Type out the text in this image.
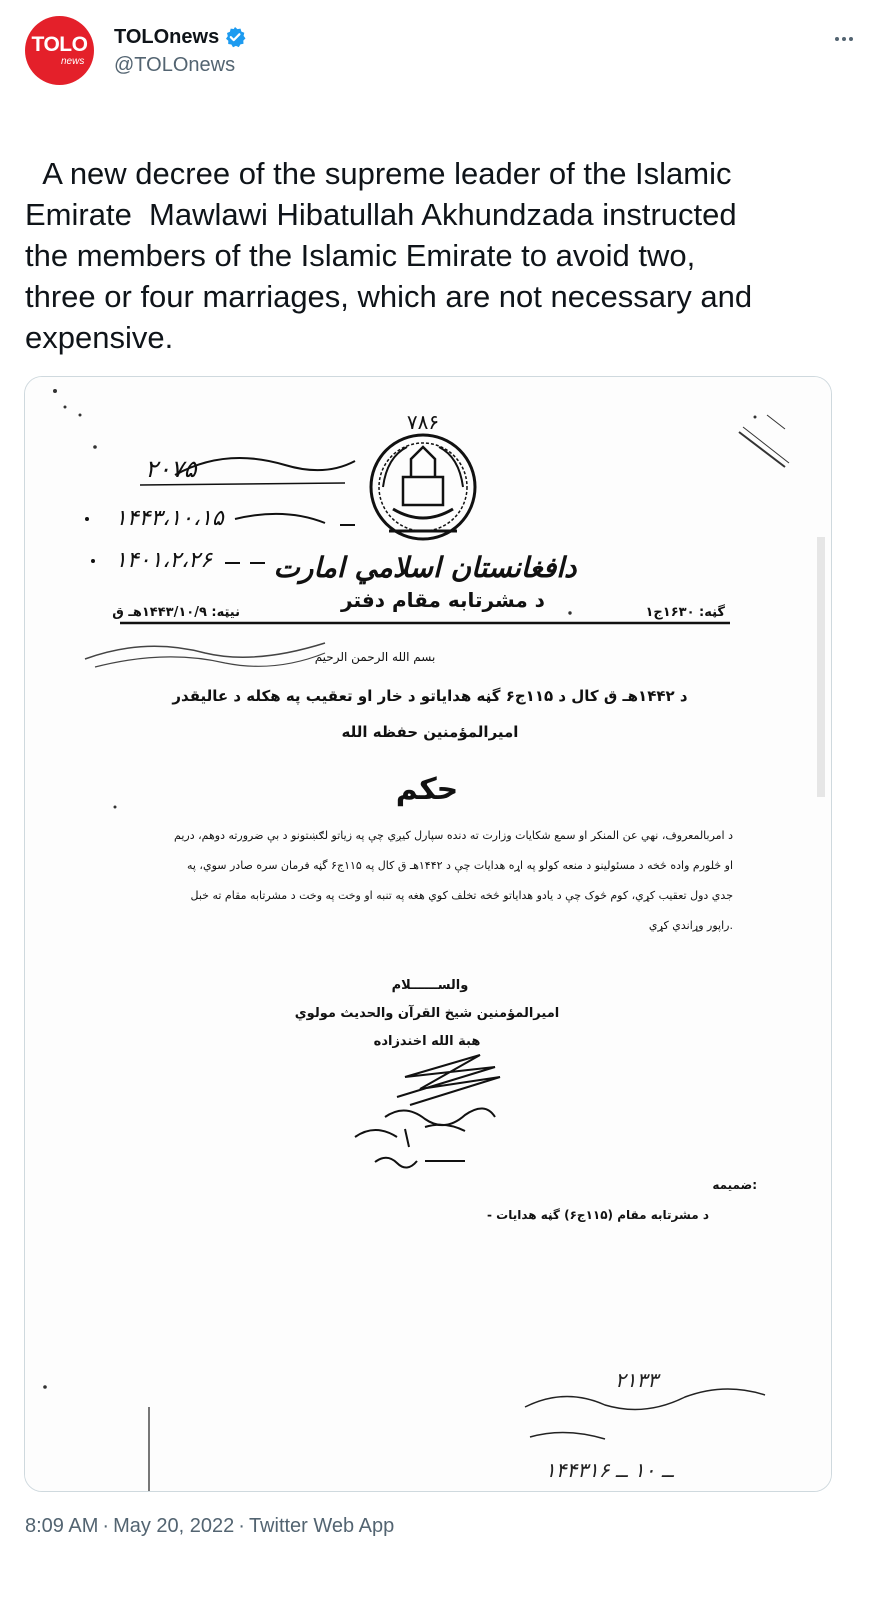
TOLO
news
TOLOnews
@TOLOnews

A new decree of the supreme leader of the Islamic
Emirate  Mawlawi Hibatullah Akhundzada instructed
the members of the Islamic Emirate to avoid two,
three or four marriages, which are not necessary and
expensive.

۷۸۶
۲۰۷۵
۱۴۴۳،۱۰،۱۵
۱۴۰۱،۲،۲۶ دافغانستان اسلامي امارت
د مشرتابه مقام دفتر
گڼه: ۱۶۳۰ج۱
نیټه: ۱۴۴۳/۱۰/۹هـ ق
بسم الله الرحمن الرحیم
د ۱۴۴۲هـ ق کال د ۱۱۵ج۶ گڼه هدایاتو د خار او تعقیب په هکله د عالیقدر
امیرالمؤمنین حفظه الله
حکم
د امربالمعروف، نهي عن المنکر او سمع شکایات وزارت ته دنده سپارل کیږي چې په زیاتو لګښتونو د بې ضرورته دوهم، دریم
او څلورم واده څخه د مسئولینو د منعه کولو په اړه هدایات چې د ۱۴۴۲هـ ق کال په ۱۱۵ج۶ گڼه فرمان سره صادر سوي، په
جدي دول تعقیب کړي، کوم څوک چې د یادو هدایاتو څخه تخلف کوي هغه په تنبه او وخت په وخت د مشرتابه مقام ته خبل
راپور وړاندي کړي.
والســــــلام
امیرالمؤمنین شیخ القرآن والحدیث مولوي
هبة الله اخندزاده
ضمیمه:
- د مشرتابه مقام (۱۱۵ج۶) گڼه هدایات
۲۱۳۳
۱۴۴۳ــ ۱۰ ــ ۱۶
8:09 AM · May 20, 2022 · Twitter Web App
